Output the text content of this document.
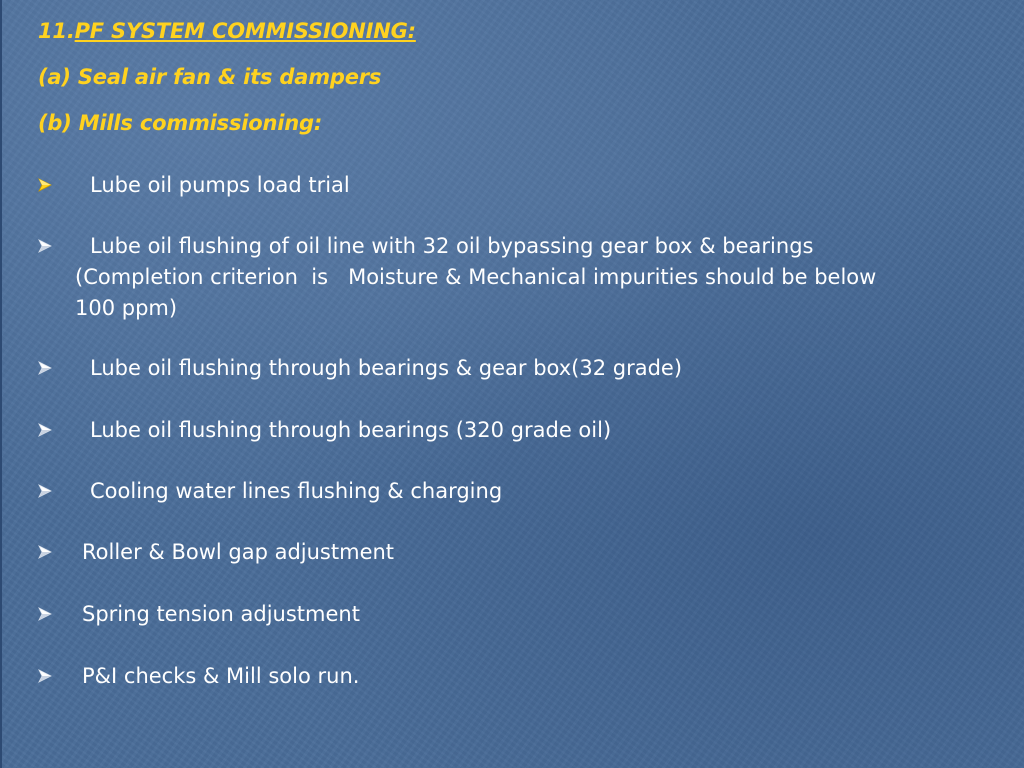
11.PF SYSTEM COMMISSIONING:
(a) Seal air fan & its dampers
(b) Mills commissioning:
Lube oil pumps load trial
Lube oil flushing of oil line with 32 oil bypassing gear box & bearings
(Completion criterion  is   Moisture & Mechanical impurities should be below
100 ppm)
Lube oil flushing through bearings & gear box(32 grade)
Lube oil flushing through bearings (320 grade oil)
Cooling water lines flushing & charging
Roller & Bowl gap adjustment
Spring tension adjustment
P&I checks & Mill solo run.
